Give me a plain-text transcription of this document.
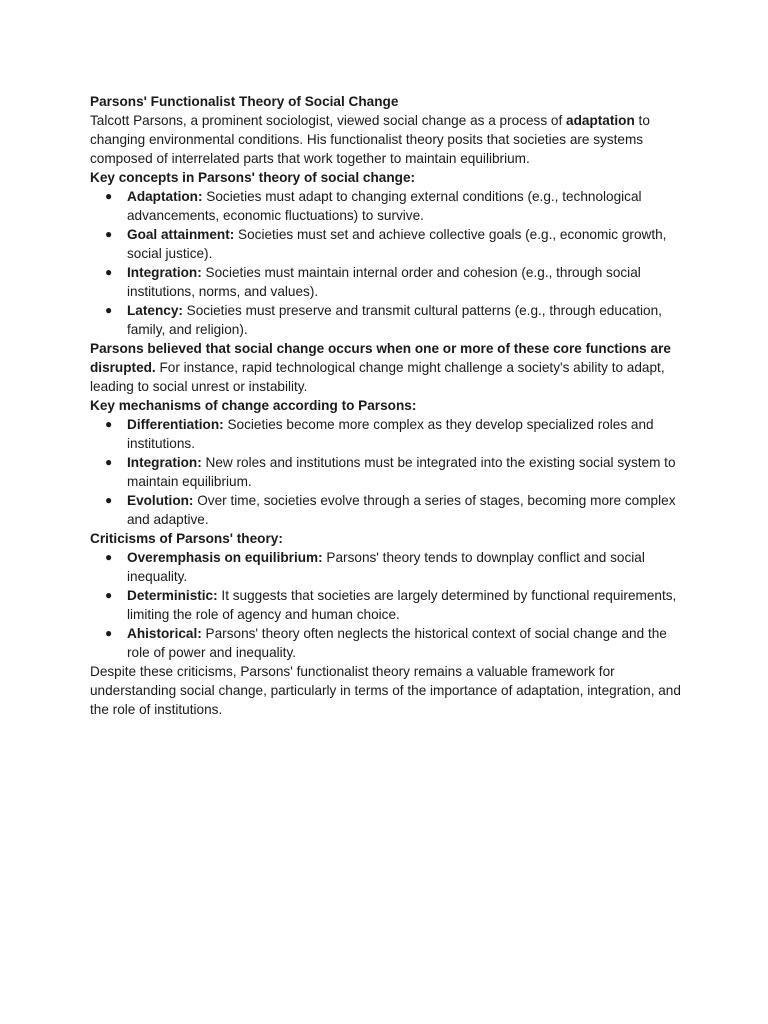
Parsons' Functionalist Theory of Social Change

Talcott Parsons, a prominent sociologist, viewed social change as a process of adaptation to changing environmental conditions. His functionalist theory posits that societies are systems composed of interrelated parts that work together to maintain equilibrium.

Key concepts in Parsons' theory of social change:

● Adaptation: Societies must adapt to changing external conditions (e.g., technological advancements, economic fluctuations) to survive.
● Goal attainment: Societies must set and achieve collective goals (e.g., economic growth, social justice).
● Integration: Societies must maintain internal order and cohesion (e.g., through social institutions, norms, and values).
● Latency: Societies must preserve and transmit cultural patterns (e.g., through education, family, and religion).

Parsons believed that social change occurs when one or more of these core functions are disrupted. For instance, rapid technological change might challenge a society's ability to adapt, leading to social unrest or instability.

Key mechanisms of change according to Parsons:

● Differentiation: Societies become more complex as they develop specialized roles and institutions.
● Integration: New roles and institutions must be integrated into the existing social system to maintain equilibrium.
● Evolution: Over time, societies evolve through a series of stages, becoming more complex and adaptive.

Criticisms of Parsons' theory:

● Overemphasis on equilibrium: Parsons' theory tends to downplay conflict and social inequality.
● Deterministic: It suggests that societies are largely determined by functional requirements, limiting the role of agency and human choice.
● Ahistorical: Parsons' theory often neglects the historical context of social change and the role of power and inequality.

Despite these criticisms, Parsons' functionalist theory remains a valuable framework for understanding social change, particularly in terms of the importance of adaptation, integration, and the role of institutions.
